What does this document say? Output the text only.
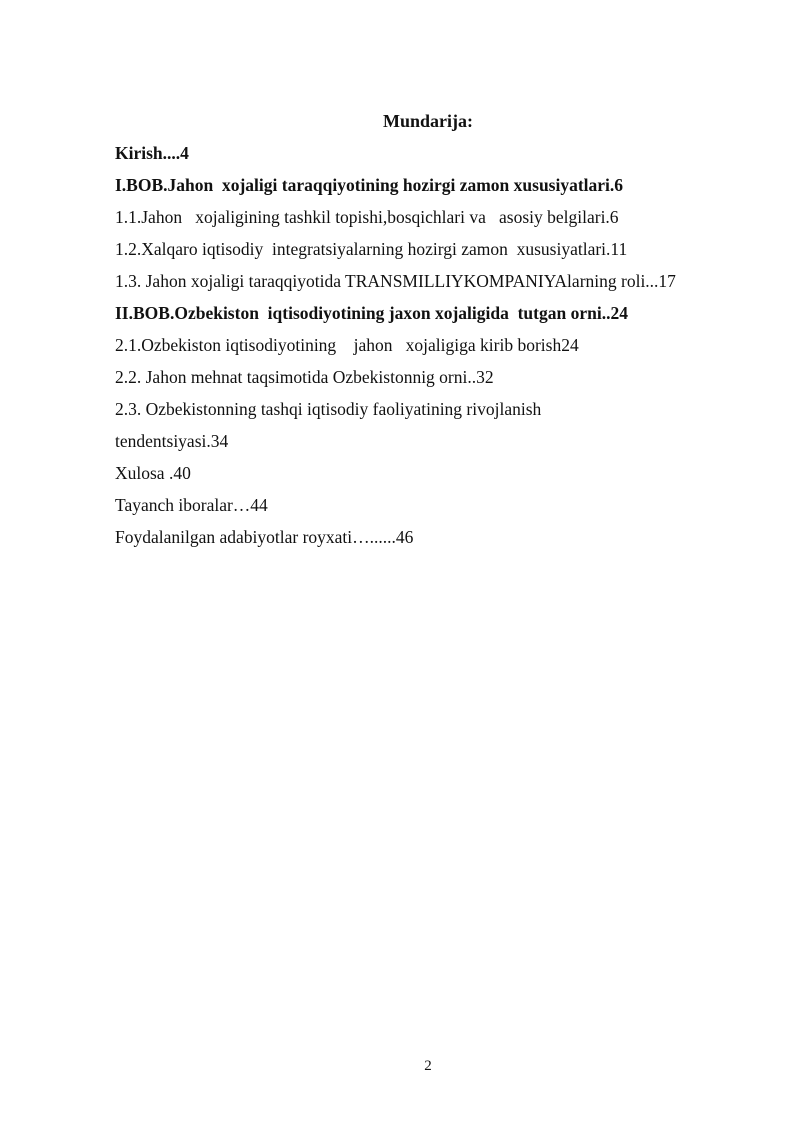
Mundarija:
Kirish....4
I.BOB.Jahon  xojaligi taraqqiyotining hozirgi zamon xususiyatlari.6
1.1.Jahon   xojaligining tashkil topishi,bosqichlari va   asosiy belgilari.6
1.2.Xalqaro iqtisodiy  integratsiyalarning hozirgi zamon  xususiyatlari.11
1.3. Jahon xojaligi taraqqiyotida TRANSMILLIYKOMPANIYAlarning roli...17
II.BOB.Ozbekiston  iqtisodiyotining jaxon xojaligida  tutgan orni..24
2.1.Ozbekiston iqtisodiyotining    jahon   xojaligiga kirib borish24
2.2. Jahon mehnat taqsimotida Ozbekistonnig orni..32
2.3. Ozbekistonning tashqi iqtisodiy faoliyatining rivojlanish
tendentsiyasi.34
Xulosa .40
Tayanch iboralar…44
Foydalanilgan adabiyotlar royxati…......46
2
